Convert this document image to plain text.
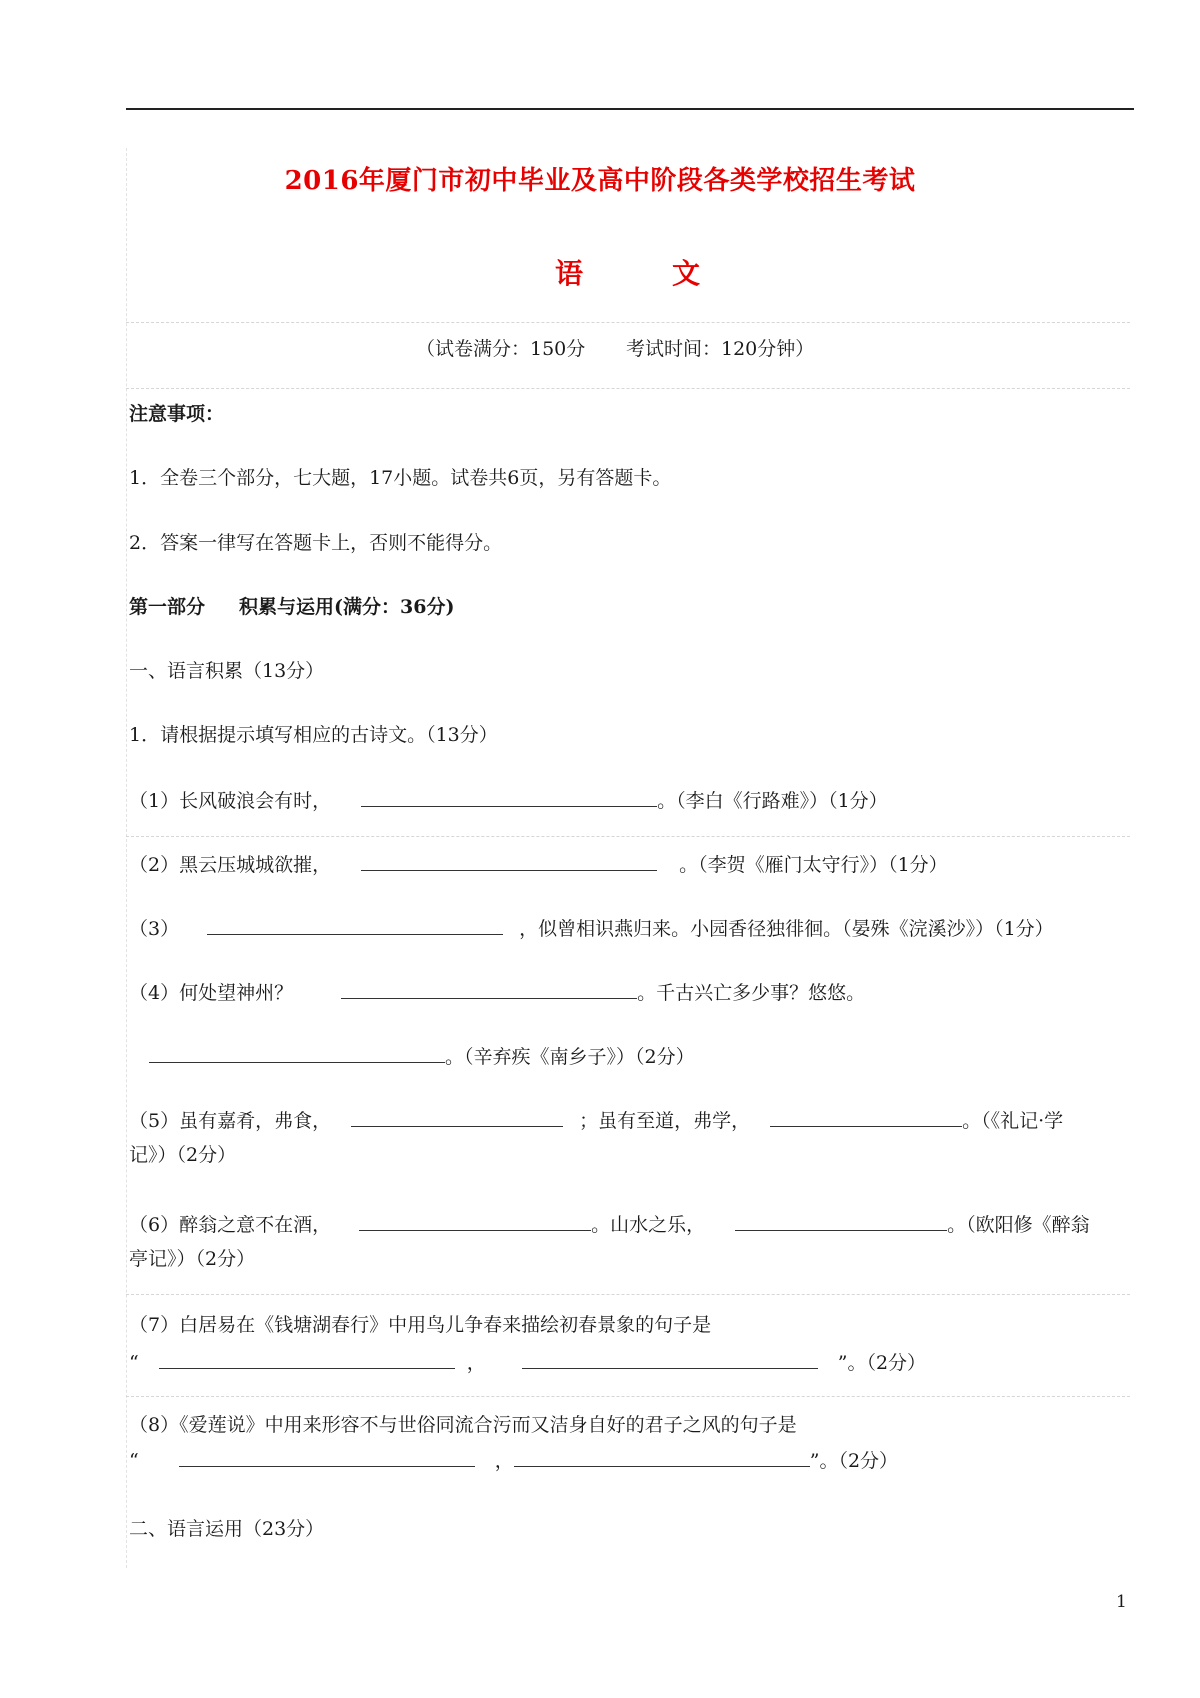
2016年厦门市初中毕业及高中阶段各类学校招生考试
语	文
（试卷满分：150分 考试时间：120分钟）
注意事项：
1．全卷三个部分，七大题，17小题。试卷共6页，另有答题卡。
2．答案一律写在答题卡上，否则不能得分。
第一部分 积累与运用(满分：36分)
一、语言积累（13分）
1．请根据提示填写相应的古诗文。（13分）
（1）长风破浪会有时，	。（李白《行路难》）（1分）
（2）黑云压城城欲摧，	。（李贺《雁门太守行》）（1分）
（3）	，似曾相识燕归来。小园香径独徘徊。（晏殊《浣溪沙》）（1分）
（4）何处望神州？	。千古兴亡多少事？悠悠。
。（辛弃疾《南乡子》）（2分）
（5）虽有嘉肴，弗食，	；虽有至道，弗学，	。（《礼记·学
记》）（2分）
（6）醉翁之意不在酒，	。山水之乐，	。（欧阳修《醉翁
亭记》）（2分）
（7）白居易在《钱塘湖春行》中用鸟儿争春来描绘初春景象的句子是
“	，	”。（2分）
（8）《爱莲说》中用来形容不与世俗同流合污而又洁身自好的君子之风的句子是
“	，	”。（2分）
二、语言运用（23分）
1
